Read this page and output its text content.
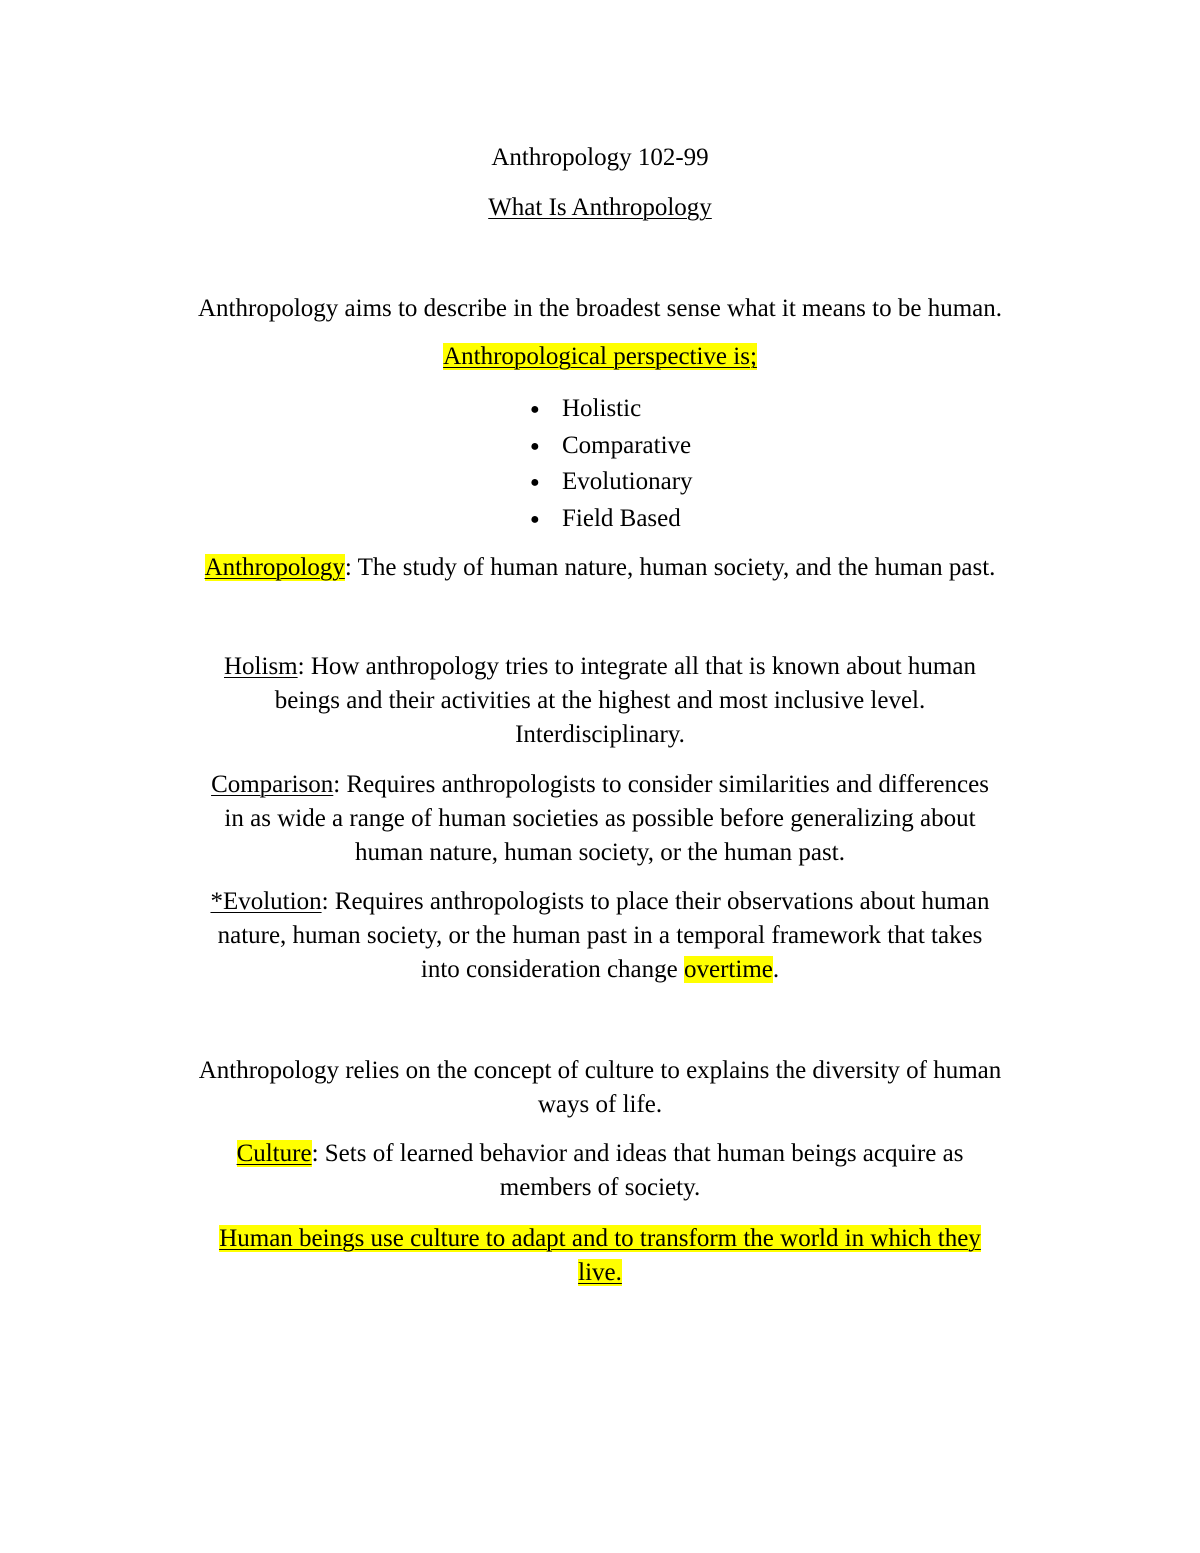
Anthropology 102-99
What Is Anthropology
Anthropology aims to describe in the broadest sense what it means to be human.
Anthropological perspective is;
● Holistic
● Comparative
● Evolutionary
● Field Based
Anthropology: The study of human nature, human society, and the human past.
Holism: How anthropology tries to integrate all that is known about human
beings and their activities at the highest and most inclusive level.
Interdisciplinary.
Comparison: Requires anthropologists to consider similarities and differences
in as wide a range of human societies as possible before generalizing about
human nature, human society, or the human past.
*Evolution: Requires anthropologists to place their observations about human
nature, human society, or the human past in a temporal framework that takes
into consideration change overtime.
Anthropology relies on the concept of culture to explains the diversity of human
ways of life.
Culture: Sets of learned behavior and ideas that human beings acquire as
members of society.
Human beings use culture to adapt and to transform the world in which they
live.
